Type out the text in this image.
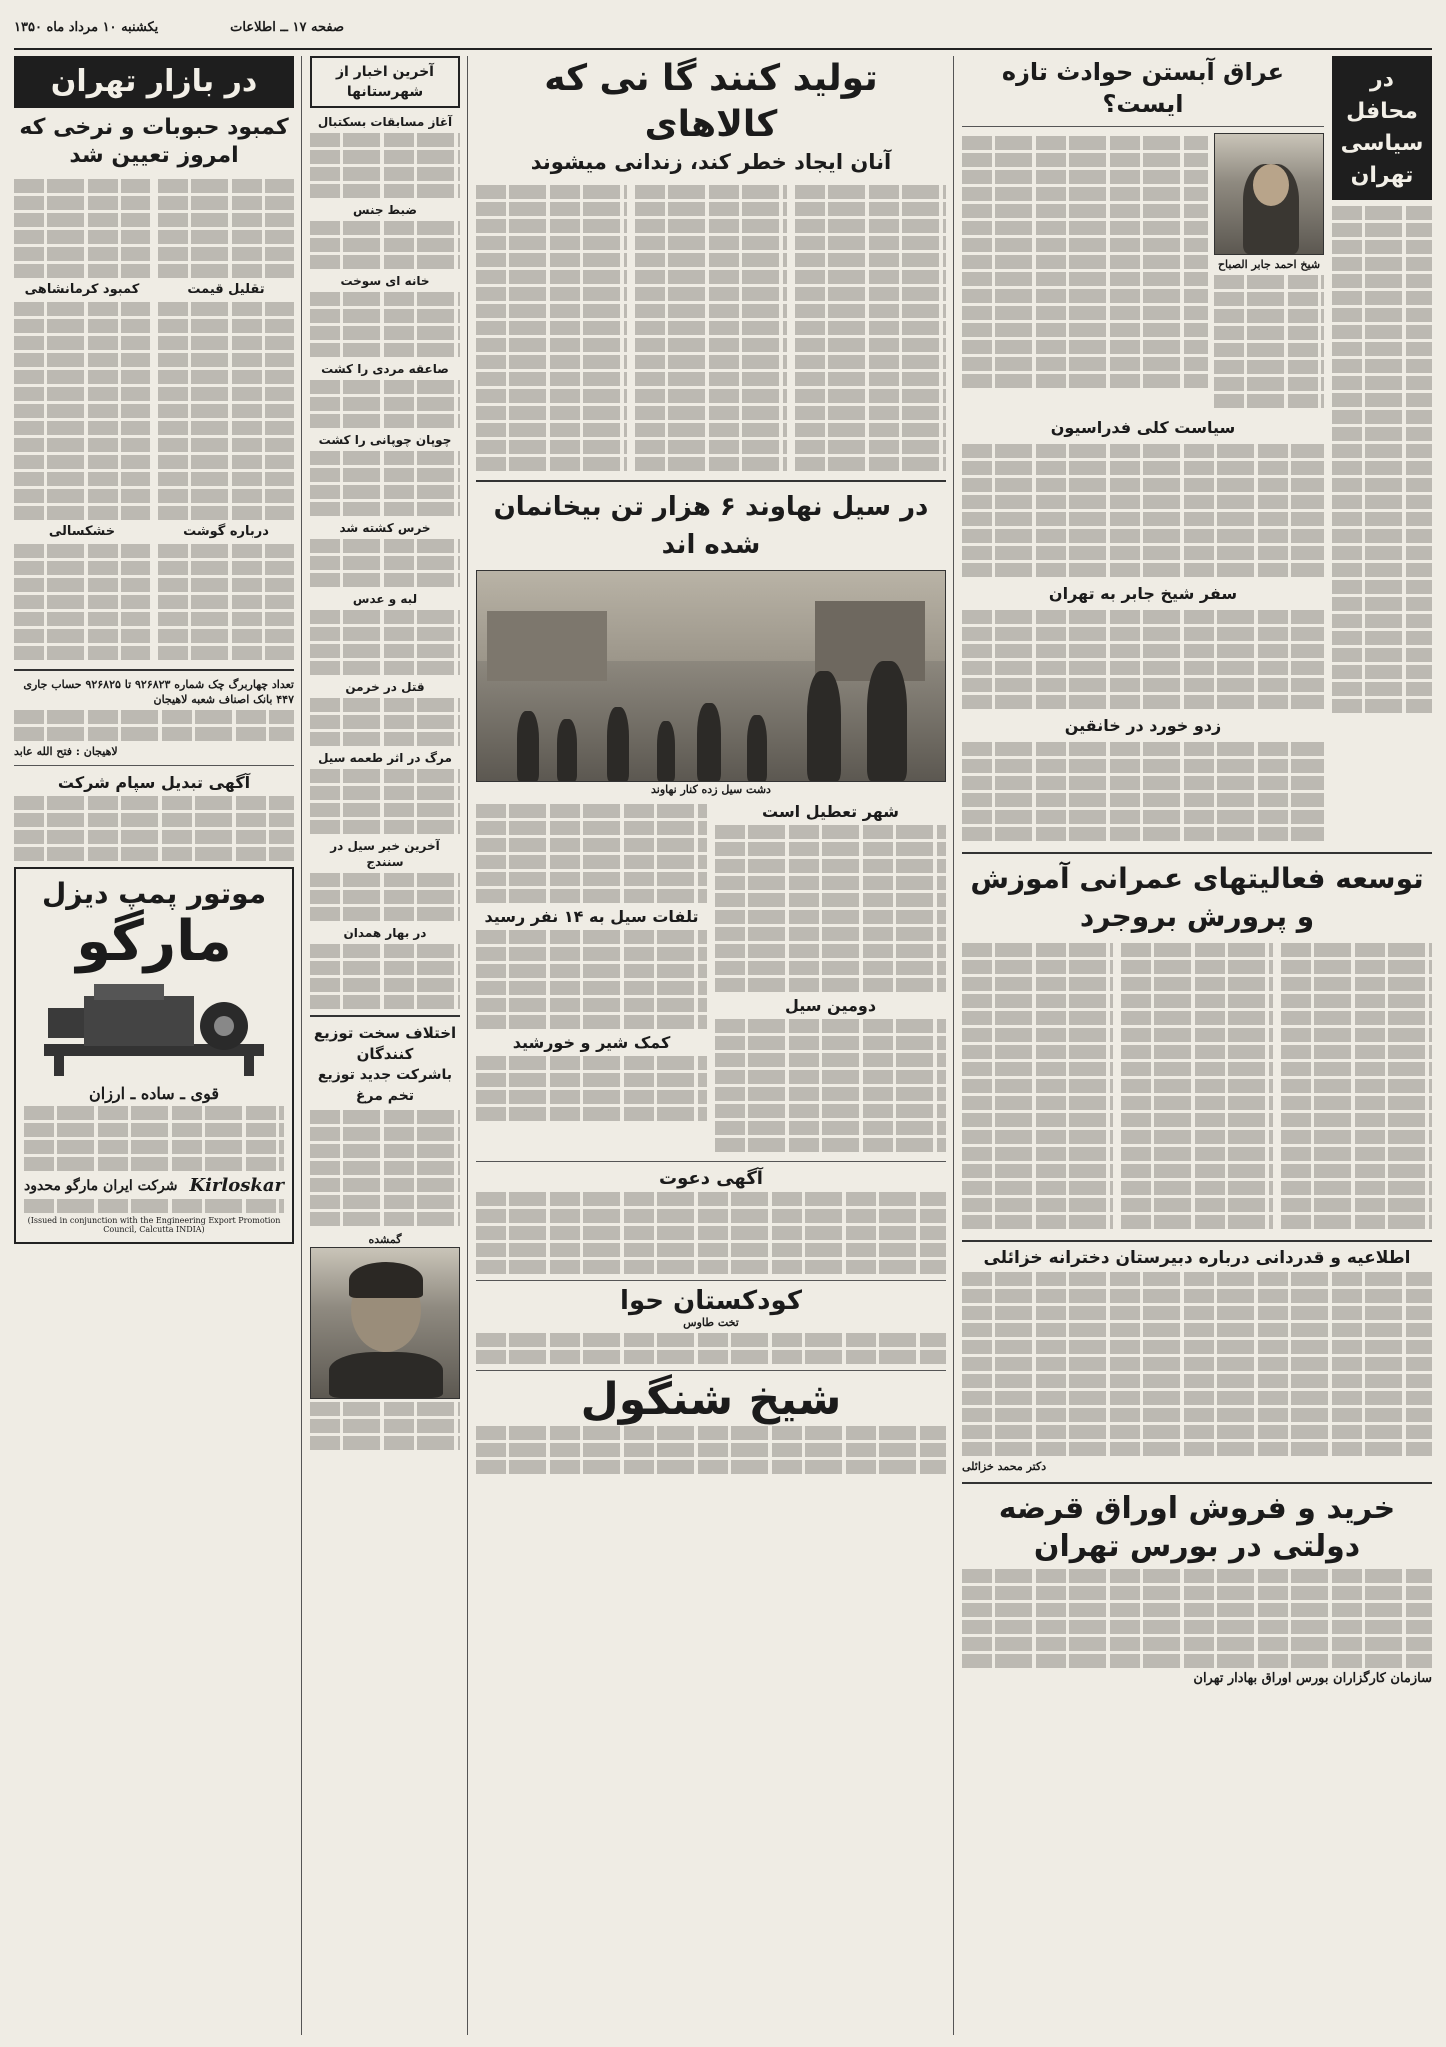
صفحه ۱۷ ــ اطلاعات
یکشنبه ۱۰ مرداد ماه ۱۳۵۰
در محافل سیاسی تهران
عراق آبستن حوادث تازه ایست؟
شیخ احمد جابر الصباح
سیاست کلی فدراسیون
سفر شیخ جابر به تهران
زدو خورد در خانقین
توسعه فعالیتهای عمرانی آموزش
و پرورش بروجرد
اطلاعیه و قدردانی درباره دبیرستان دخترانه خزائلی
دکتر محمد خزائلی
خرید و فروش اوراق قرضه
دولتی در بورس تهران
سازمان کارگزاران بورس اوراق بهادار تهران
تولید کنند گا نی که کالاهای
آنان ایجاد خطر کند، زندانی میشوند
در سیل نهاوند ۶ هزار تن بیخانمان شده اند
دشت سیل زده کنار نهاوند
شهر تعطیل است
دومین سیل
تلفات سیل به ۱۴ نفر رسید
کمک شیر و خورشید
آگهی دعوت
کودکستان حوا
تخت طاوس
شیخ شنگول
آخرین اخبار از شهرستانها
آغاز مسابقات بسکتبال
ضبط جنس
خانه ای سوخت
صاعقه مردی را کشت
چوپان چوپانی را کشت
خرس کشته شد
لبه و عدس
قتل در خرمن
مرگ در اثر طعمه سیل
آخرین خبر سیل در سنندج
در بهار همدان
اختلاف سخت توزیع کنندگان
باشرکت جدید توزیع تخم مرغ
گمشده
در بازار تهران
کمبود حبوبات و نرخی که امروز تعیین شد
تقلیل قیمت
درباره گوشت
کمبود کرمانشاهی
خشکسالی
تعداد چهاربرگ چک شماره ۹۲۶۸۲۳ تا ۹۲۶۸۲۵ حساب جاری ۴۴۷ بانک اصناف شعبه لاهیجان
لاهیجان : فتح الله عابد
آگهی تبدیل سپام شرکت
موتور پمپ دیزل
مارگو
قوی ـ ساده ـ ارزان
Kirloskar
شرکت ایران مارگو محدود
(Issued in conjunction with the Engineering Export Promotion Council, Calcutta INDIA)
